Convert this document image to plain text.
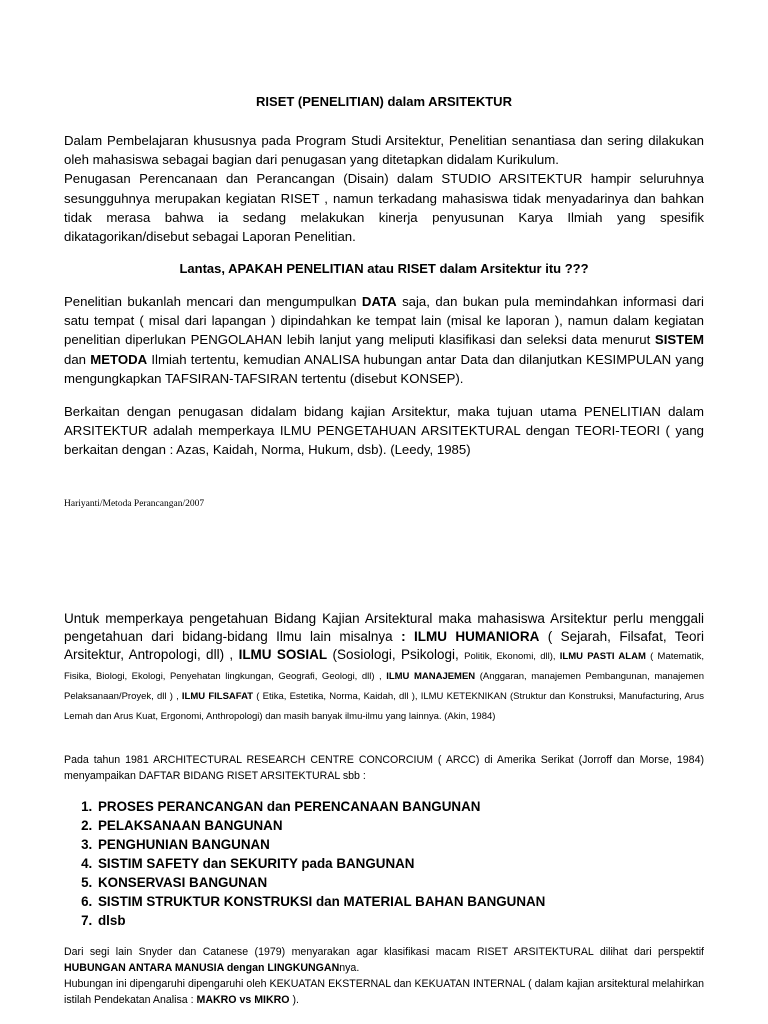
RISET (PENELITIAN) dalam ARSITEKTUR
Dalam Pembelajaran khususnya pada Program Studi Arsitektur, Penelitian senantiasa dan sering dilakukan oleh mahasiswa sebagai bagian dari penugasan yang ditetapkan didalam Kurikulum.
Penugasan Perencanaan dan Perancangan (Disain) dalam STUDIO ARSITEKTUR hampir seluruhnya sesungguhnya merupakan kegiatan RISET , namun terkadang mahasiswa tidak menyadarinya dan bahkan tidak merasa bahwa ia sedang melakukan kinerja penyusunan Karya Ilmiah yang spesifik dikatagorikan/disebut sebagai Laporan Penelitian.
Lantas, APAKAH PENELITIAN atau RISET dalam Arsitektur itu ???
Penelitian bukanlah mencari dan mengumpulkan DATA saja, dan bukan pula memindahkan informasi dari satu tempat ( misal dari lapangan ) dipindahkan ke tempat lain (misal ke laporan ), namun dalam kegiatan penelitian diperlukan PENGOLAHAN lebih lanjut yang meliputi klasifikasi dan seleksi data menurut SISTEM dan METODA Ilmiah tertentu, kemudian ANALISA hubungan antar Data dan dilanjutkan KESIMPULAN yang mengungkapkan TAFSIRAN-TAFSIRAN tertentu (disebut KONSEP).
Berkaitan dengan penugasan didalam bidang kajian Arsitektur, maka tujuan utama PENELITIAN dalam ARSITEKTUR adalah memperkaya ILMU PENGETAHUAN ARSITEKTURAL dengan TEORI-TEORI ( yang berkaitan dengan : Azas, Kaidah, Norma, Hukum, dsb). (Leedy, 1985)
Hariyanti/Metoda Perancangan/2007
Untuk memperkaya pengetahuan Bidang Kajian Arsitektural maka mahasiswa Arsitektur perlu menggali pengetahuan dari bidang-bidang Ilmu lain misalnya : ILMU HUMANIORA ( Sejarah, Filsafat, Teori Arsitektur, Antropologi, dll) , ILMU SOSIAL (Sosiologi, Psikologi, Politik, Ekonomi, dll), ILMU PASTI ALAM ( Matematik, Fisika, Biologi, Ekologi, Penyehatan lingkungan, Geografi, Geologi, dll) , ILMU MANAJEMEN (Anggaran, manajemen Pembangunan, manajemen Pelaksanaan/Proyek, dll ) , ILMU FILSAFAT ( Etika, Estetika, Norma, Kaidah, dll ), ILMU KETEKNIKAN (Struktur dan Konstruksi, Manufacturing, Arus Lemah dan Arus Kuat, Ergonomi, Anthropologi) dan masih banyak ilmu-ilmu yang lainnya. (Akin, 1984)
Pada tahun 1981 ARCHITECTURAL RESEARCH CENTRE CONCORCIUM ( ARCC) di Amerika Serikat (Jorroff dan Morse, 1984) menyampaikan DAFTAR BIDANG RISET ARSITEKTURAL sbb :
1. PROSES PERANCANGAN dan PERENCANAAN BANGUNAN
2. PELAKSANAAN BANGUNAN
3. PENGHUNIAN BANGUNAN
4. SISTIM SAFETY dan SEKURITY pada BANGUNAN
5. KONSERVASI BANGUNAN
6. SISTIM STRUKTUR KONSTRUKSI dan MATERIAL BAHAN BANGUNAN
7. dlsb
Dari segi lain Snyder dan Catanese (1979) menyarakan agar klasifikasi macam RISET ARSITEKTURAL dilihat dari perspektif HUBUNGAN ANTARA MANUSIA dengan LINGKUNGANnya.
Hubungan ini dipengaruhi dipengaruhi oleh KEKUATAN EKSTERNAL dan KEKUATAN INTERNAL ( dalam kajian arsitektural melahirkan istilah Pendekatan Analisa : MAKRO vs MIKRO ).
